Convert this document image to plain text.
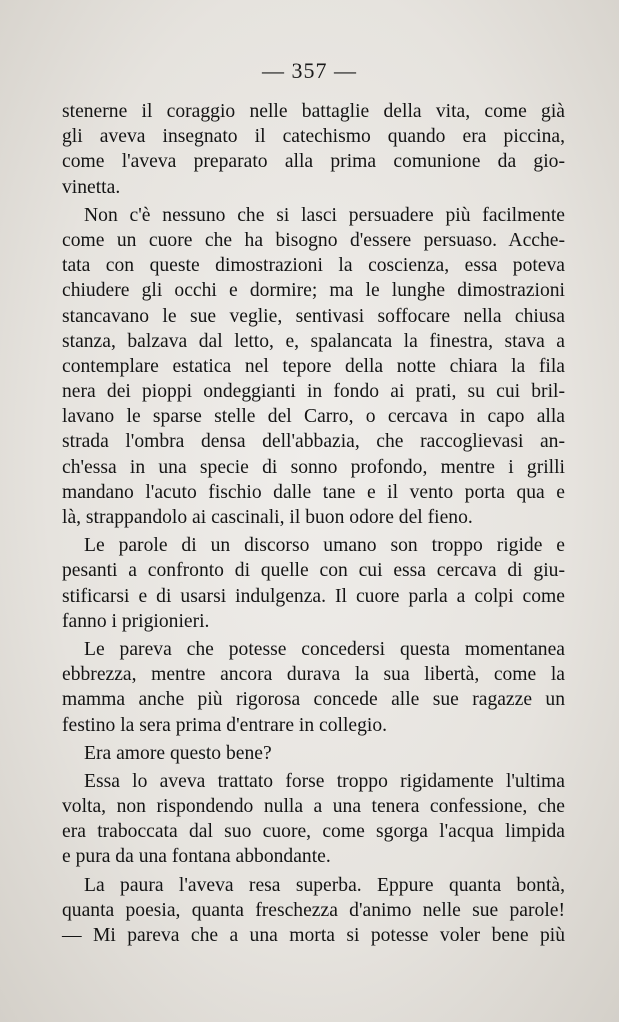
— 357 —
stenerne il coraggio nelle battaglie della vita, come già
gli aveva insegnato il catechismo quando era piccina,
come l'aveva preparato alla prima comunione da gio-
vinetta.
Non c'è nessuno che si lasci persuadere più facilmente
come un cuore che ha bisogno d'essere persuaso. Acche-
tata con queste dimostrazioni la coscienza, essa poteva
chiudere gli occhi e dormire; ma le lunghe dimostrazioni
stancavano le sue veglie, sentivasi soffocare nella chiusa
stanza, balzava dal letto, e, spalancata la finestra, stava a
contemplare estatica nel tepore della notte chiara la fila
nera dei pioppi ondeggianti in fondo ai prati, su cui bril-
lavano le sparse stelle del Carro, o cercava in capo alla
strada l'ombra densa dell'abbazia, che raccoglievasi an-
ch'essa in una specie di sonno profondo, mentre i grilli
mandano l'acuto fischio dalle tane e il vento porta qua e
là, strappandolo ai cascinali, il buon odore del fieno.
Le parole di un discorso umano son troppo rigide e
pesanti a confronto di quelle con cui essa cercava di giu-
stificarsi e di usarsi indulgenza. Il cuore parla a colpi come
fanno i prigionieri.
Le pareva che potesse concedersi questa momentanea
ebbrezza, mentre ancora durava la sua libertà, come la
mamma anche più rigorosa concede alle sue ragazze un
festino la sera prima d'entrare in collegio.
Era amore questo bene?
Essa lo aveva trattato forse troppo rigidamente l'ultima
volta, non rispondendo nulla a una tenera confessione, che
era traboccata dal suo cuore, come sgorga l'acqua limpida
e pura da una fontana abbondante.
La paura l'aveva resa superba. Eppure quanta bontà,
quanta poesia, quanta freschezza d'animo nelle sue parole!
— Mi pareva che a una morta si potesse voler bene più
